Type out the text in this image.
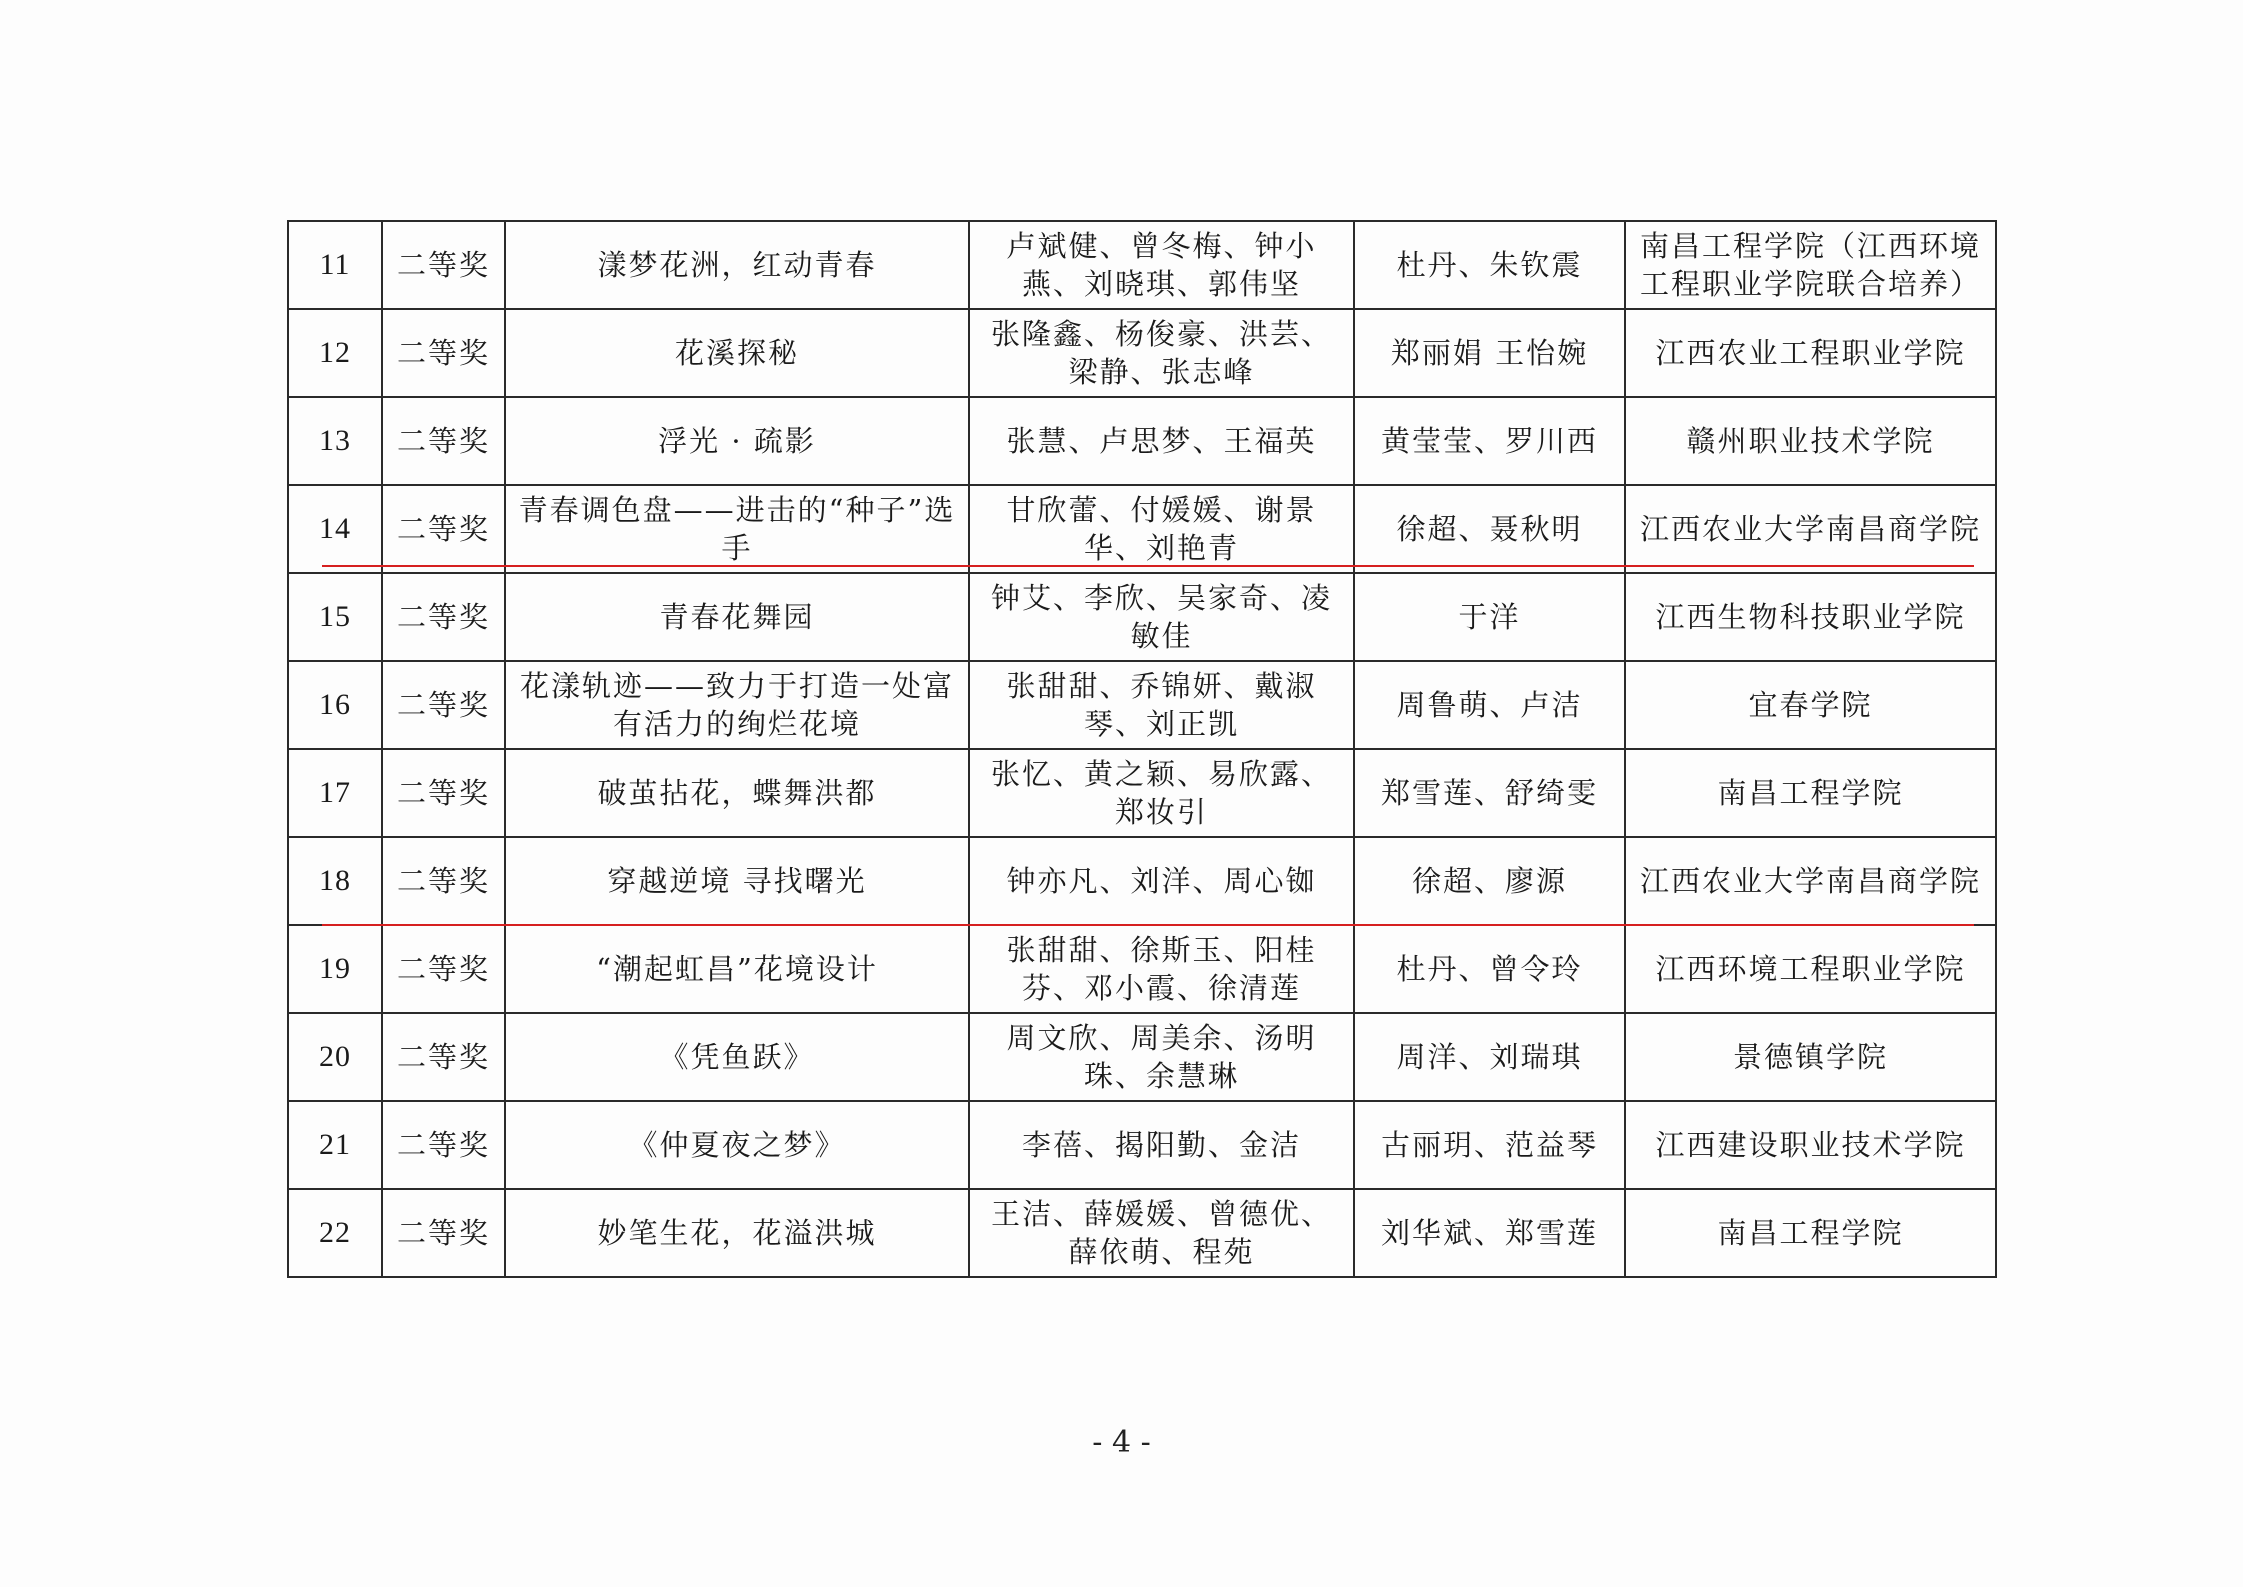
11	二等奖	漾梦花洲，红动青春	卢斌健、曾冬梅、钟小燕、刘晓琪、郭伟坚	杜丹、朱钦震	南昌工程学院（江西环境工程职业学院联合培养）
12	二等奖	花溪探秘	张隆鑫、杨俊豪、洪芸、梁静、张志峰	郑丽娟 王怡婉	江西农业工程职业学院
13	二等奖	浮光 · 疏影	张慧、卢思梦、王福英	黄莹莹、罗川西	赣州职业技术学院
14	二等奖	青春调色盘——进击的“种子”选手	甘欣蕾、付媛媛、谢景华、刘艳青	徐超、聂秋明	江西农业大学南昌商学院
15	二等奖	青春花舞园	钟艾、李欣、吴家奇、凌敏佳	于洋	江西生物科技职业学院
16	二等奖	花漾轨迹——致力于打造一处富有活力的绚烂花境	张甜甜、乔锦妍、戴淑琴、刘正凯	周鲁萌、卢洁	宜春学院
17	二等奖	破茧拈花，蝶舞洪都	张忆、黄之颖、易欣露、郑妆引	郑雪莲、舒绮雯	南昌工程学院
18	二等奖	穿越逆境 寻找曙光	钟亦凡、刘洋、周心铷	徐超、廖源	江西农业大学南昌商学院
19	二等奖	“潮起虹昌”花境设计	张甜甜、徐斯玉、阳桂芬、邓小霞、徐清莲	杜丹、曾令玲	江西环境工程职业学院
20	二等奖	《凭鱼跃》	周文欣、周美余、汤明珠、余慧琳	周洋、刘瑞琪	景德镇学院
21	二等奖	《仲夏夜之梦》	李蓓、揭阳勤、金洁	古丽玥、范益琴	江西建设职业技术学院
22	二等奖	妙笔生花，花溢洪城	王洁、薛媛媛、曾德优、薛依萌、程苑	刘华斌、郑雪莲	南昌工程学院
- 4 -
